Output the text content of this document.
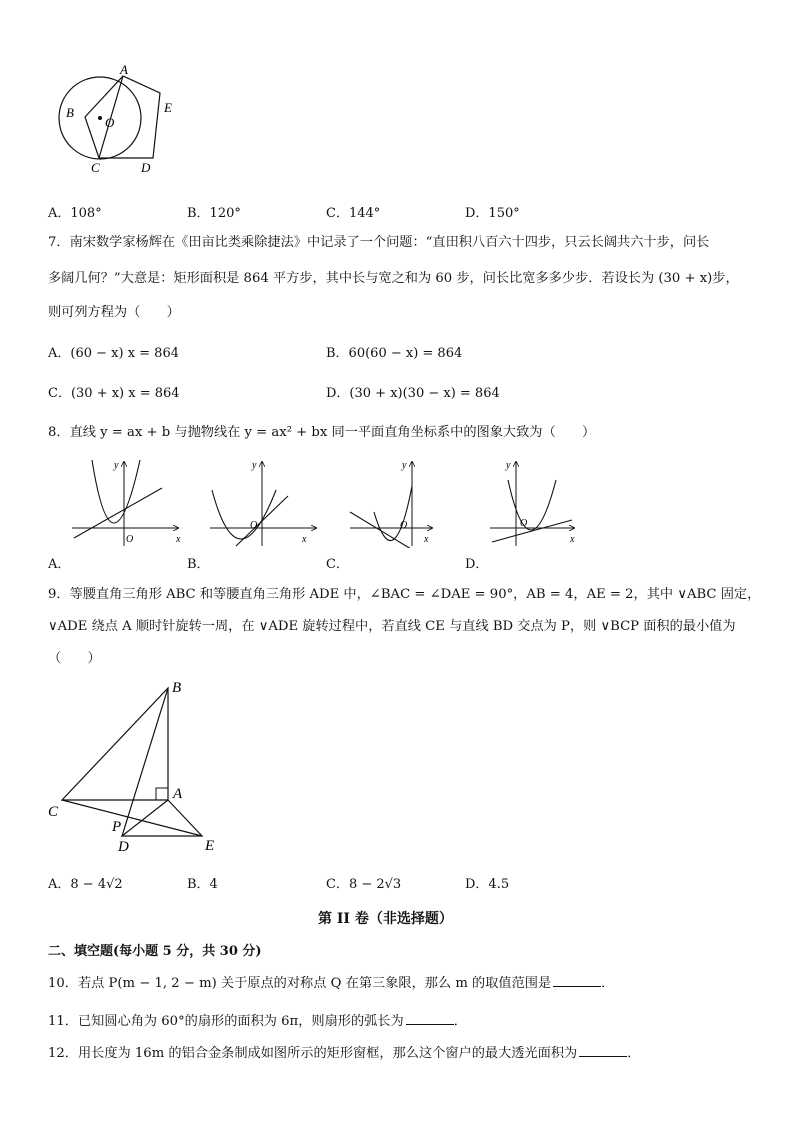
A
B
O
E
C	D
A．108°	B．120°	C．144°	D．150°
7．南宋数学家杨辉在《田亩比类乘除捷法》中记录了一个问题：“直田积八百六十四步，只云长阔共六十步，问长
多阔几何？”大意是：矩形面积是 864 平方步，其中长与宽之和为 60 步，问长比宽多多少步．若设长为 (30 + x)步，
则可列方程为（　　）
A．(60 − x) x = 864	B．60(60 − x) = 864
C．(30 + x) x = 864	D．(30 + x)(30 − x) = 864
8．直线 y = ax + b 与抛物线在 y = ax² + bx 同一平面直角坐标系中的图象大致为（　　）
x
y
O
A．
x
y
O
B．
x
y
O
C．
x
y
O
D．
9．等腰直角三角形 ABC 和等腰直角三角形 ADE 中，∠BAC = ∠DAE = 90°，AB = 4，AE = 2，其中 ∨ABC 固定，
∨ADE 绕点 A 顺时针旋转一周，在 ∨ADE 旋转过程中，若直线 CE 与直线 BD 交点为 P，则 ∨BCP 面积的最小值为
（　　）
B
A
C
P
D	E
A．8 − 4√2	B．4	C．8 − 2√3	D．4.5
第 II 卷（非选择题）
二、填空题(每小题 5 分，共 30 分)
10．若点 P(m − 1, 2 − m) 关于原点的对称点 Q 在第三象限，那么 m 的取值范围是	．
11．已知圆心角为 60°的扇形的面积为 6π，则扇形的弧长为	．
12．用长度为 16m 的铝合金条制成如图所示的矩形窗框，那么这个窗户的最大透光面积为	．
